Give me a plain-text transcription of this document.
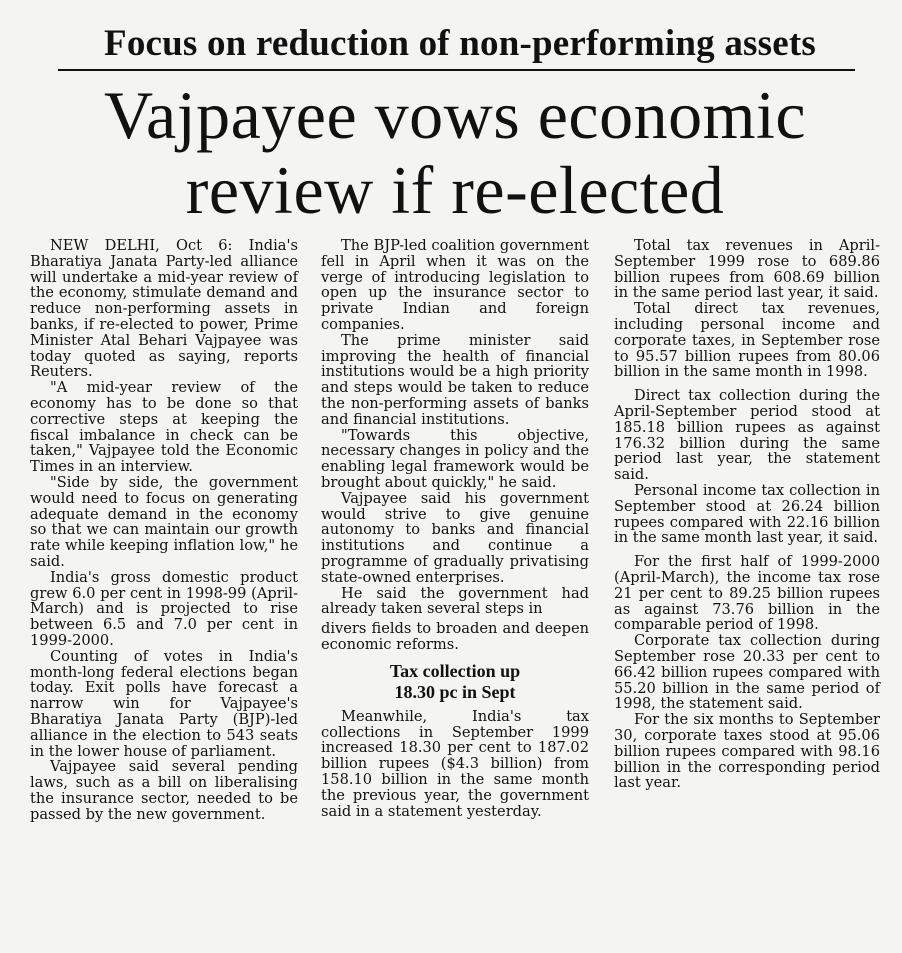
Focus on reduction of non-performing assets
Vajpayee vows economic
review if re-elected

NEW DELHI, Oct 6: India's Bharatiya Janata Party-led alliance will undertake a mid-year review of the economy, stimulate demand and reduce non-performing assets in banks, if re-elected to power, Prime Minister Atal Behari Vajpayee was today quoted as saying, reports Reuters.

"A mid-year review of the economy has to be done so that corrective steps at keeping the fiscal imbalance in check can be taken," Vajpayee told the Economic Times in an interview.

"Side by side, the government would need to focus on generating adequate demand in the economy so that we can maintain our growth rate while keeping inflation low," he said.

India's gross domestic product grew 6.0 per cent in 1998-99 (April-March) and is projected to rise between 6.5 and 7.0 per cent in 1999-2000.

Counting of votes in India's month-long federal elections began today. Exit polls have forecast a narrow win for Vajpayee's Bharatiya Janata Party (BJP)-led alliance in the election to 543 seats in the lower house of parliament.

Vajpayee said several pending laws, such as a bill on liberalising the insurance sector, needed to be passed by the new government.

The BJP-led coalition government fell in April when it was on the verge of introducing legislation to open up the insurance sector to private Indian and foreign companies.

The prime minister said improving the health of financial institutions would be a high priority and steps would be taken to reduce the non-performing assets of banks and financial institutions.

"Towards this objective, necessary changes in policy and the enabling legal framework would be brought about quickly," he said.

Vajpayee said his government would strive to give genuine autonomy to banks and financial institutions and continue a programme of gradually privatising state-owned enterprises.

He said the government had already taken several steps in

divers fields to broaden and deepen economic reforms.

Tax collection up
18.30 pc in Sept

Meanwhile, India's tax collections in September 1999 increased 18.30 per cent to 187.02 billion rupees ($4.3 billion) from 158.10 billion in the same month the previous year, the government said in a statement yesterday.

Total tax revenues in April-September 1999 rose to 689.86 billion rupees from 608.69 billion in the same period last year, it said.

Total direct tax revenues, including personal income and corporate taxes, in September rose to 95.57 billion rupees from 80.06 billion in the same month in 1998.

Direct tax collection during the April-September period stood at 185.18 billion rupees as against 176.32 billion during the same period last year, the statement said.

Personal income tax collection in September stood at 26.24 billion rupees compared with 22.16 billion in the same month last year, it said.

For the first half of 1999-2000 (April-March), the income tax rose 21 per cent to 89.25 billion rupees as against 73.76 billion in the comparable period of 1998.

Corporate tax collection during September rose 20.33 per cent to 66.42 billion rupees compared with 55.20 billion in the same period of 1998, the statement said.

For the six months to September 30, corporate taxes stood at 95.06 billion rupees compared with 98.16 billion in the corresponding period last year.
